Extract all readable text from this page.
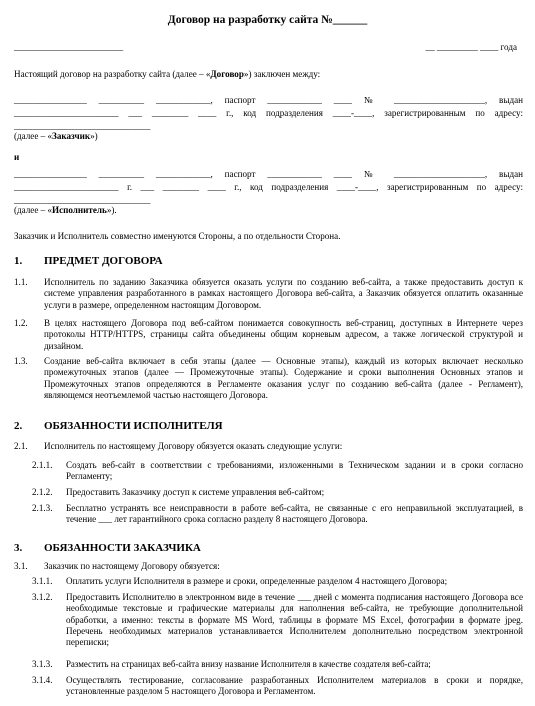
Договор на разработку сайта №______
________________________	__ _________ ____ года
Настоящий договор на разработку сайта (далее – «Договор») заключен между:
________________ __________ ____________, паспорт ____________ ____ № ____________________, выдан
_______________________ ___ ________ ____ г., код подразделения ____-____, зарегистрированным по адресу:
______________________________
(далее – «Заказчик»)
и
________________ __________ ____________, паспорт ____________ ____ № ____________________, выдан
_______________________ г. ___ ________ ____ г., код подразделения ____-____, зарегистрированным по адресу:
______________________________
(далее – «Исполнитель»).
Заказчик и Исполнитель совместно именуются Стороны, а по отдельности Сторона.
1. ПРЕДМЕТ ДОГОВОРА
1.1. Исполнитель по заданию Заказчика обязуется оказать услуги по созданию веб-сайта, а также предоставить доступ к системе управления разработанного в рамках настоящего Договора веб-сайта, а Заказчик обязуется оплатить оказанные услуги в размере, определенном настоящим Договором.
1.2. В целях настоящего Договора под веб-сайтом понимается совокупность веб-страниц, доступных в Интернете через протоколы HTTP/HTTPS, страницы сайта объединены общим корневым адресом, а также логической структурой и дизайном.
1.3. Создание веб-сайта включает в себя этапы (далее — Основные этапы), каждый из которых включает несколько промежуточных этапов (далее — Промежуточные этапы). Содержание и сроки выполнения Основных этапов и Промежуточных этапов определяются в Регламенте оказания услуг по созданию веб-сайта (далее - Регламент), являющемся неотъемлемой частью настоящего Договора.
2. ОБЯЗАННОСТИ ИСПОЛНИТЕЛЯ
2.1. Исполнитель по настоящему Договору обязуется оказать следующие услуги:
2.1.1. Создать веб-сайт в соответствии с требованиями, изложенными в Техническом задании и в сроки согласно Регламенту;
2.1.2. Предоставить Заказчику доступ к системе управления веб-сайтом;
2.1.3. Бесплатно устранять все неисправности в работе веб-сайта, не связанные с его неправильной эксплуатацией, в течение ___ лет гарантийного срока согласно разделу 8 настоящего Договора.
3. ОБЯЗАННОСТИ ЗАКАЗЧИКА
3.1. Заказчик по настоящему Договору обязуется:
3.1.1. Оплатить услуги Исполнителя в размере и сроки, определенные разделом 4 настоящего Договора;
3.1.2. Предоставить Исполнителю в электронном виде в течение ___ дней с момента подписания настоящего Договора все необходимые текстовые и графические материалы для наполнения веб-сайта, не требующие дополнительной обработки, а именно: тексты в формате MS Word, таблицы в формате MS Excel, фотографии в формате jpeg. Перечень необходимых материалов устанавливается Исполнителем дополнительно посредством электронной переписки;
3.1.3. Разместить на страницах веб-сайта внизу название Исполнителя в качестве создателя веб-сайта;
3.1.4. Осуществлять тестирование, согласование разработанных Исполнителем материалов в сроки и порядке, установленные разделом 5 настоящего Договора и Регламентом.
